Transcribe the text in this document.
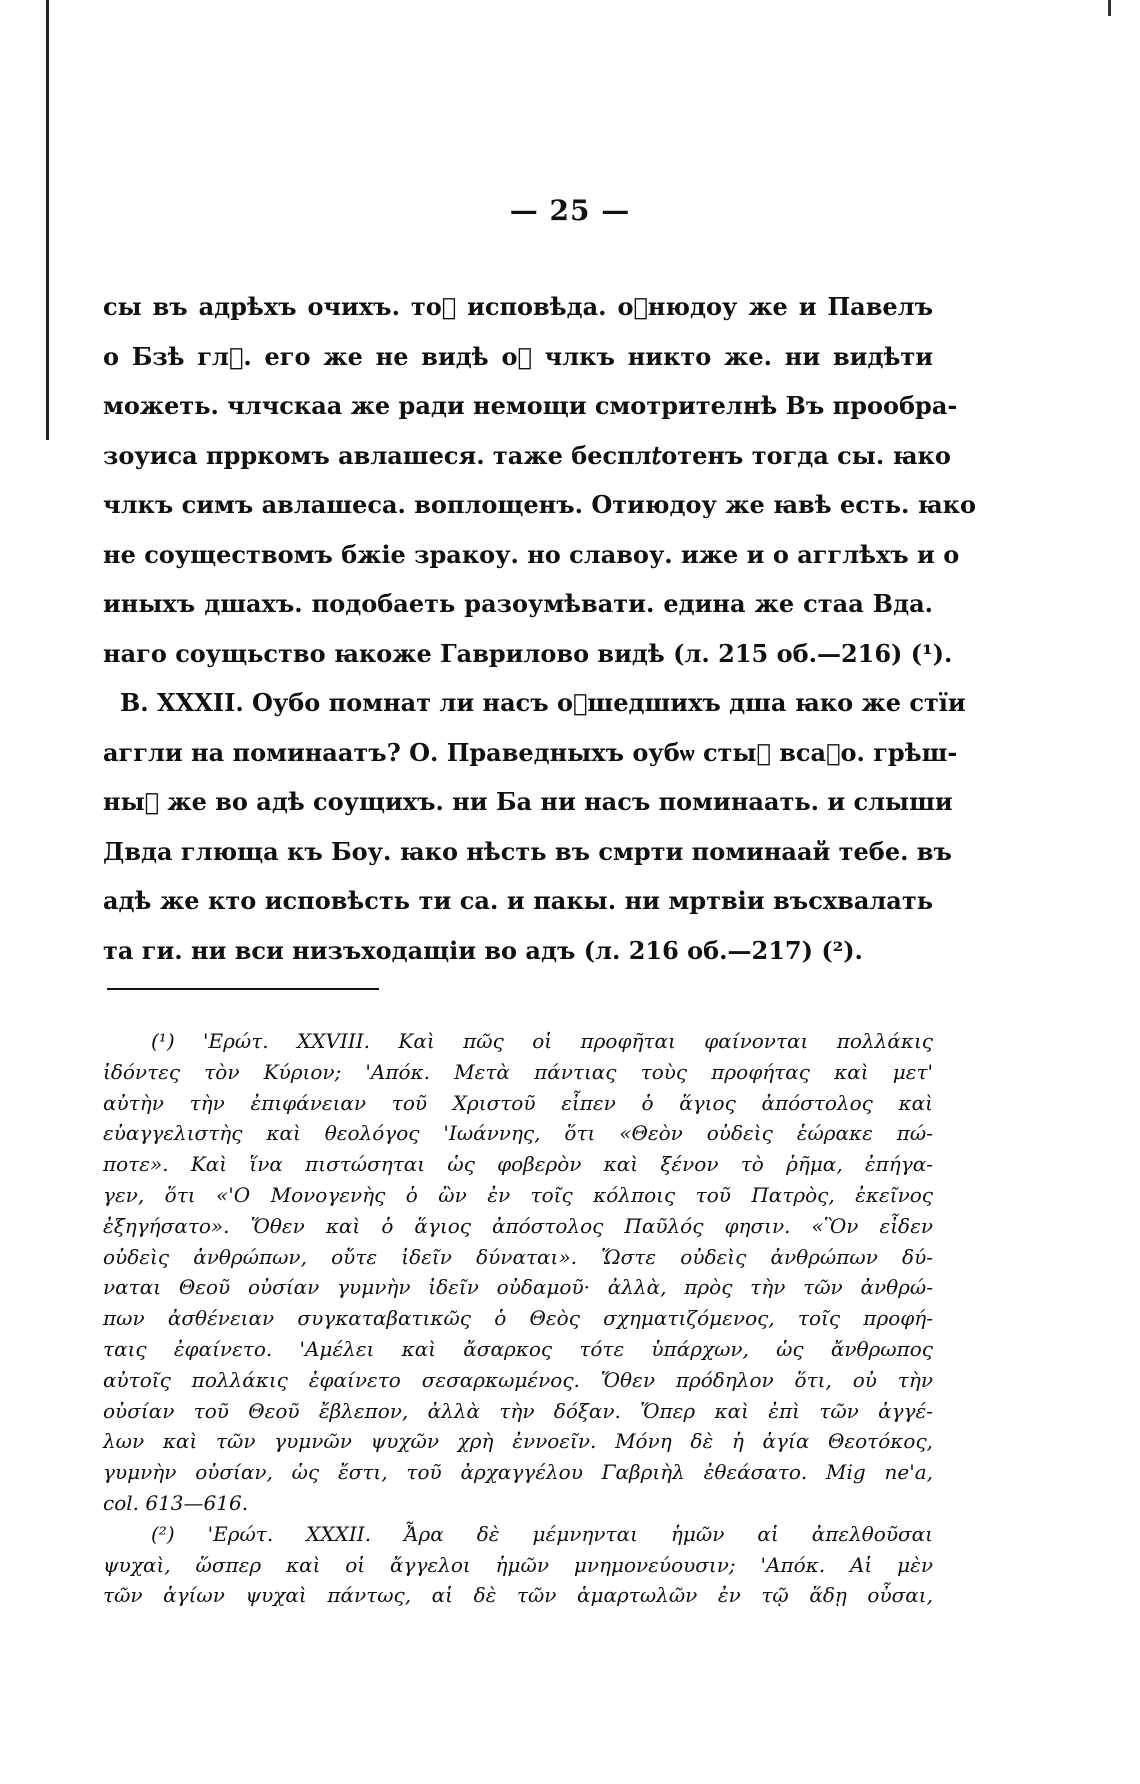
— 25 —
сы въ адрѣхъ очихъ. тоⷤ исповѣда. оⷮнюдоу же и Павелъ
о Бзѣ глⷢ. его же не видѣ оⷮ члкъ никто же. ни видѣти
можеть. члчскаа же ради немощи смотрителнѣ Въ прообра-
зоуиса прркомъ авлашеся. таже беспл𝑡отенъ тогда сы. ꙗко
члкъ симъ авлашеса. воплощенъ. Отиюдоу же ꙗвѣ есть. ꙗко
не соуществомъ бжіе зракоу. но славоу. иже и о агглѣхъ и о
иныхъ дшахъ. подобаеть разоумѣвати. едина же стаа Вда.
наго соущьство ꙗкоже Гаврилово видѣ (л. 215 об.—216) (¹).
В. XXXII. Оубо помнат ли насъ оⷮшедшихъ дша ꙗко же стїи
аггли на поминаатъ? О. Праведныхъ оубѡ стыⷯ всаⷦо. грѣш-
ныⷯ же во адѣ соущихъ. ни Ба ни насъ поминаать. и слыши
Двда глюща къ Боу. ꙗко нѣсть въ смрти поминаай тебе. въ
адѣ же кто исповѣсть ти са. и пакы. ни мртвіи въсхвалать
та ги. ни вси низъходащіи во адъ (л. 216 об.—217) (²).
(¹) 'Ερώτ. XXVIII. Καὶ πῶς οἱ προφῆται φαίνονται πολλάκις
ἰδόντες τὸν Κύριον; 'Απόκ. Μετὰ πάντιας τοὺς προφήτας καὶ μετ'
αὐτὴν τὴν ἐπιφάνειαν τοῦ Χριστοῦ εἶπεν ὁ ἅγιος ἀπόστολος καὶ
εὐαγγελιστὴς καὶ θεολόγος 'Ιωάννης, ὅτι «Θεὸν οὐδεὶς ἑώρακε πώ-
ποτε». Καὶ ἵνα πιστώσηται ὡς φοβερὸν καὶ ξένον τὸ ῥῆμα, ἐπήγα-
γεν, ὅτι «'Ο Μονογενὴς ὁ ὢν ἐν τοῖς κόλποις τοῦ Πατρὸς, ἐκεῖνος
ἐξηγήσατο». Ὅθεν καὶ ὁ ἅγιος ἀπόστολος Παῦλός φησιν. «Ὃν εἶδεν
οὐδεὶς ἀνθρώπων, οὔτε ἰδεῖν δύναται». Ὥστε οὐδεὶς ἀνθρώπων δύ-
ναται Θεοῦ οὐσίαν γυμνὴν ἰδεῖν οὐδαμοῦ· ἀλλὰ, πρὸς τὴν τῶν ἀνθρώ-
πων ἀσθένειαν συγκαταβατικῶς ὁ Θεὸς σχηματιζόμενος, τοῖς προφή-
ταις ἐφαίνετο. 'Αμέλει καὶ ἄσαρκος τότε ὑπάρχων, ὡς ἄνθρωπος
αὐτοῖς πολλάκις ἐφαίνετο σεσαρκωμένος. Ὅθεν πρόδηλον ὅτι, οὐ τὴν
οὐσίαν τοῦ Θεοῦ ἔβλεπον, ἀλλὰ τὴν δόξαν. Ὅπερ καὶ ἐπὶ τῶν ἀγγέ-
λων καὶ τῶν γυμνῶν ψυχῶν χρὴ ἐννοεῖν. Μόνη δὲ ἡ ἁγία Θεοτόκος,
γυμνὴν οὐσίαν, ὡς ἔστι, τοῦ ἀρχαγγέλου Γαβριὴλ ἐθεάσατο. Mig ne'a,
col. 613—616.
(²) 'Ερώτ. XXXII. Ἆρα δὲ μέμνηνται ἡμῶν αἱ ἀπελθοῦσαι
ψυχαὶ, ὥσπερ καὶ οἱ ἄγγελοι ἡμῶν μνημονεύουσιν; 'Απόκ. Αἱ μὲν
τῶν ἁγίων ψυχαὶ πάντως, αἱ δὲ τῶν ἁμαρτωλῶν ἐν τῷ ἅδῃ οὖσαι,
